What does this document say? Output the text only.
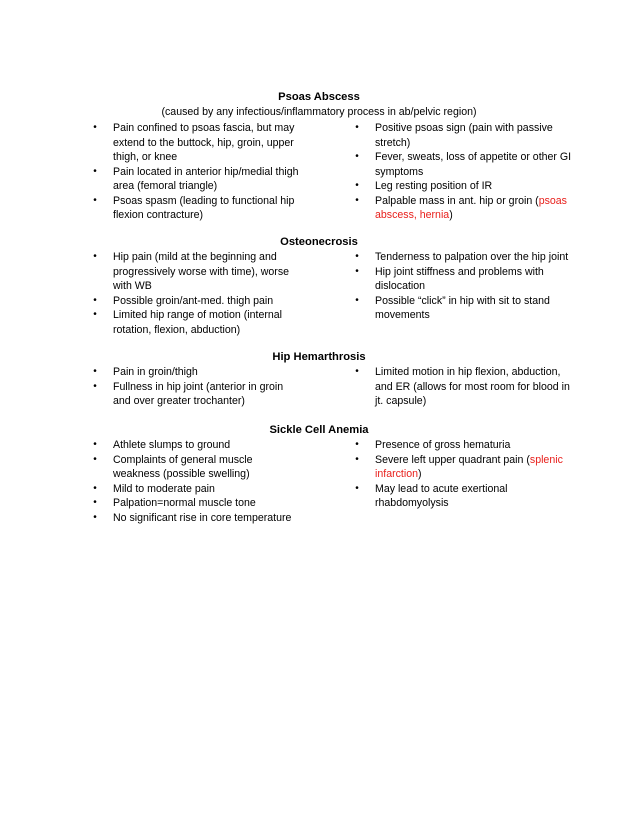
Psoas Abscess
(caused by any infectious/inflammatory process in ab/pelvic region)
•	Pain confined to psoas fascia, but may extend to the buttock, hip, groin, upper thigh, or knee
•	Pain located in anterior hip/medial thigh area (femoral triangle)
•	Psoas spasm (leading to functional hip flexion contracture)
•	Positive psoas sign (pain with passive stretch)
•	Fever, sweats, loss of appetite or other GI symptoms
•	Leg resting position of IR
•	Palpable mass in ant. hip or groin (psoas abscess, hernia)
Osteonecrosis
•	Hip pain (mild at the beginning and progressively worse with time), worse with WB
•	Possible groin/ant-med. thigh pain
•	Limited hip range of motion (internal rotation, flexion, abduction)
•	Tenderness to palpation over the hip joint
•	Hip joint stiffness and problems with dislocation
•	Possible “click” in hip with sit to stand movements
Hip Hemarthrosis
•	Pain in groin/thigh
•	Fullness in hip joint (anterior in groin and over greater trochanter)
•	Limited motion in hip flexion, abduction, and ER (allows for most room for blood in jt. capsule)
Sickle Cell Anemia
•	Athlete slumps to ground
•	Complaints of general muscle weakness (possible swelling)
•	Mild to moderate pain
•	Palpation=normal muscle tone
•	No significant rise in core temperature
•	Presence of gross hematuria
•	Severe left upper quadrant pain (splenic infarction)
•	May lead to acute exertional rhabdomyolysis
